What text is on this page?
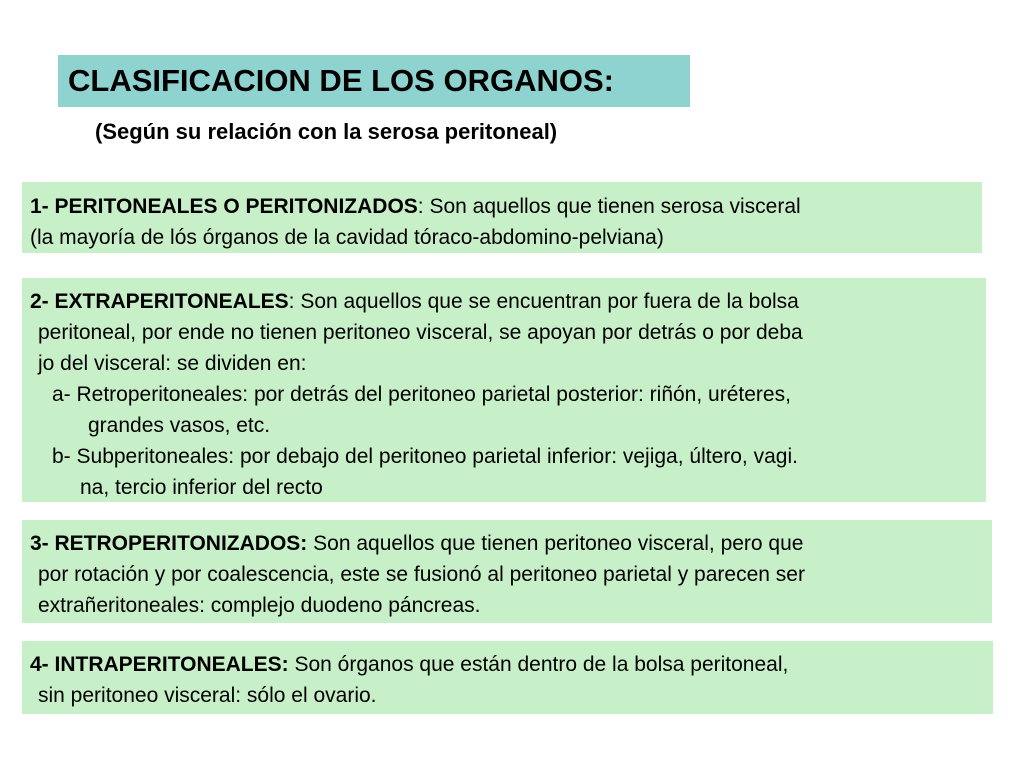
CLASIFICACION DE LOS ORGANOS:
(Según su relación con la serosa peritoneal)
1- PERITONEALES O PERITONIZADOS: Son aquellos que tienen serosa visceral
(la mayoría de lós órganos de la cavidad tóraco-abdomino-pelviana)
2- EXTRAPERITONEALES: Son aquellos que se encuentran por fuera de la bolsa
peritoneal, por ende no tienen peritoneo visceral, se apoyan por detrás o por deba
jo del visceral: se dividen en:
a- Retroperitoneales: por detrás del peritoneo parietal posterior: riñón, uréteres,
grandes vasos, etc.
b- Subperitoneales: por debajo del peritoneo parietal inferior: vejiga, últero, vagi.
na, tercio inferior del recto
3- RETROPERITONIZADOS: Son aquellos que tienen peritoneo visceral, pero que
por rotación y por coalescencia, este se fusionó al peritoneo parietal y parecen ser
extrañeritoneales: complejo duodeno páncreas.
4- INTRAPERITONEALES: Son órganos que están dentro de la bolsa peritoneal,
sin peritoneo visceral: sólo el ovario.
